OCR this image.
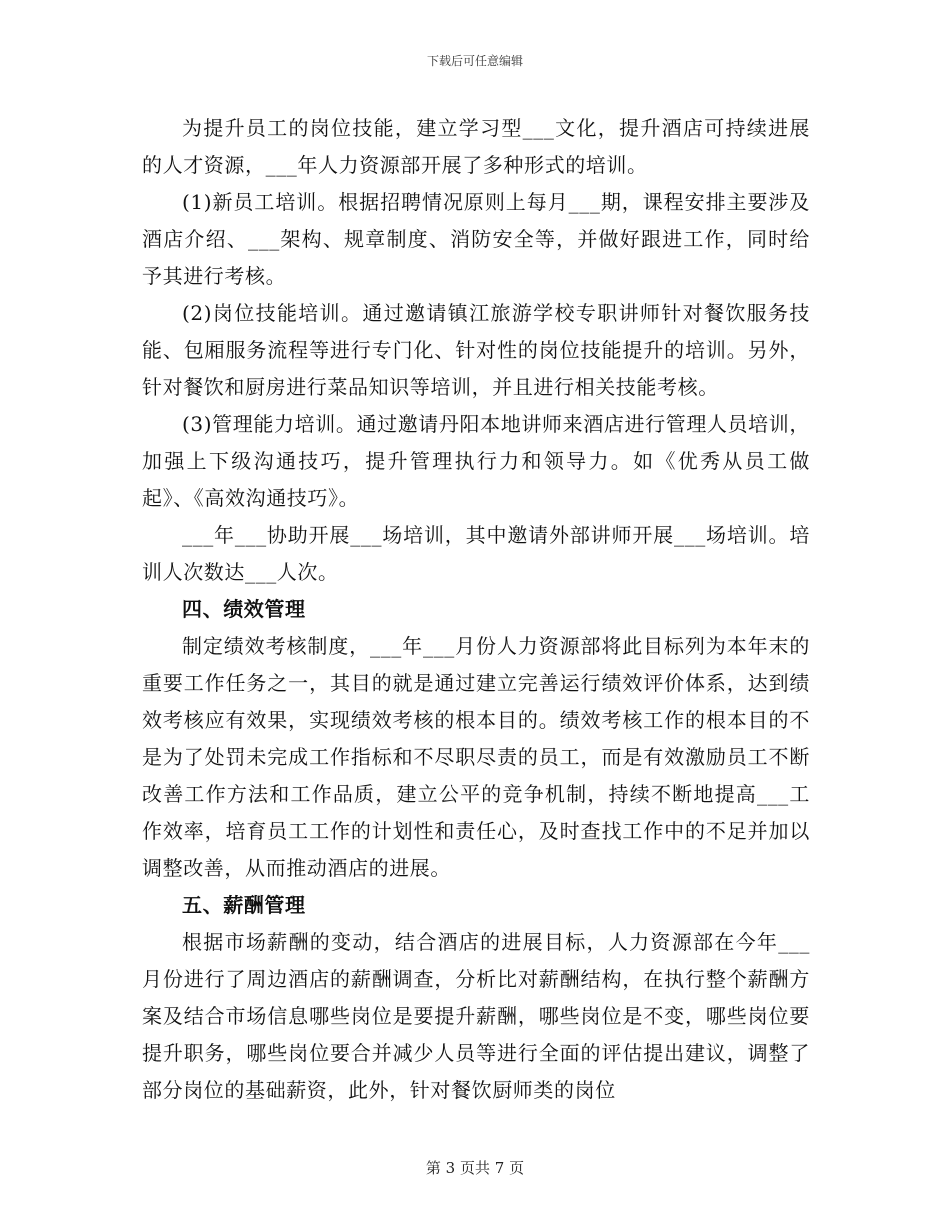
下载后可任意编辑

为提升员工的岗位技能，建立学习型___文化，提升酒店可持续进展的人才资源，___年人力资源部开展了多种形式的培训。

(1)新员工培训。根据招聘情况原则上每月___期，课程安排主要涉及酒店介绍、___架构、规章制度、消防安全等，并做好跟进工作，同时给予其进行考核。

(2)岗位技能培训。通过邀请镇江旅游学校专职讲师针对餐饮服务技能、包厢服务流程等进行专门化、针对性的岗位技能提升的培训。另外，针对餐饮和厨房进行菜品知识等培训，并且进行相关技能考核。

(3)管理能力培训。通过邀请丹阳本地讲师来酒店进行管理人员培训，加强上下级沟通技巧，提升管理执行力和领导力。如《优秀从员工做起》、《高效沟通技巧》。

___年___协助开展___场培训，其中邀请外部讲师开展___场培训。培训人次数达___人次。

四、绩效管理

制定绩效考核制度，___年___月份人力资源部将此目标列为本年末的重要工作任务之一，其目的就是通过建立完善运行绩效评价体系，达到绩效考核应有效果，实现绩效考核的根本目的。绩效考核工作的根本目的不是为了处罚未完成工作指标和不尽职尽责的员工，而是有效激励员工不断改善工作方法和工作品质，建立公平的竞争机制，持续不断地提高___工作效率，培育员工工作的计划性和责任心，及时查找工作中的不足并加以调整改善，从而推动酒店的进展。

五、薪酬管理

根据市场薪酬的变动，结合酒店的进展目标，人力资源部在今年___月份进行了周边酒店的薪酬调查，分析比对薪酬结构，在执行整个薪酬方案及结合市场信息哪些岗位是要提升薪酬，哪些岗位是不变，哪些岗位要提升职务，哪些岗位要合并减少人员等进行全面的评估提出建议，调整了部分岗位的基础薪资，此外，针对餐饮厨师类的岗位

第 3 页共 7 页
